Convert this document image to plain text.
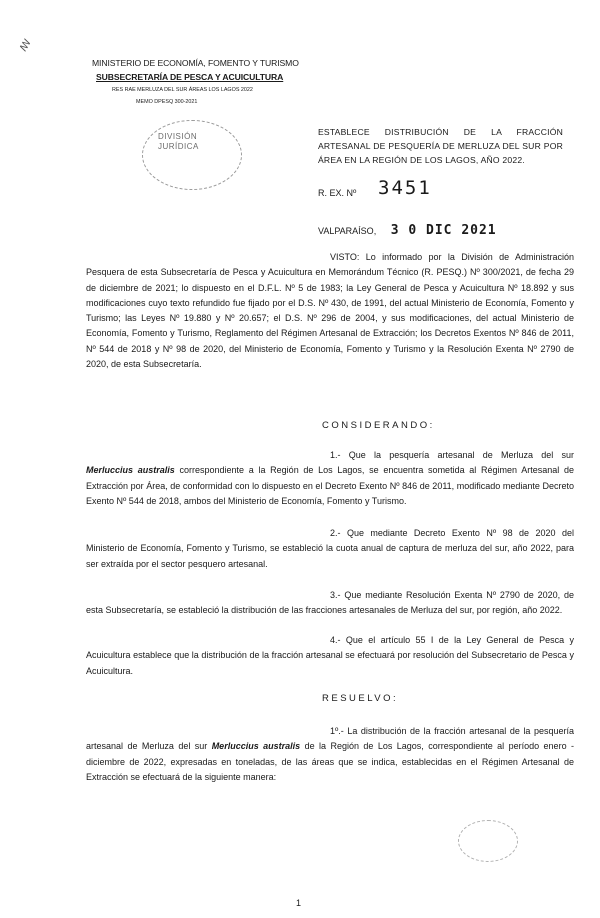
ꟿ
MINISTERIO DE ECONOMÍA, FOMENTO Y TURISMO
SUBSECRETARÍA DE PESCA Y ACUICULTURA
RES RAE MERLUZA DEL SUR ÁREAS LOS LAGOS 2022
MEMO DPESQ 300-2021
DIVISIÓN
JURÍDICA
ESTABLECE DISTRIBUCIÓN DE LA FRACCIÓN ARTESANAL DE PESQUERÍA DE MERLUZA DEL SUR POR ÁREA EN LA REGIÓN DE LOS LAGOS, AÑO 2022.
R. EX. Nº 3451
VALPARAÍSO, 3 0 DIC 2021
VISTO: Lo informado por la División de Administración Pesquera de esta Subsecretaría de Pesca y Acuicultura en Memorándum Técnico (R. PESQ.) Nº 300/2021, de fecha 29 de diciembre de 2021; lo dispuesto en el D.F.L. Nº 5 de 1983; la Ley General de Pesca y Acuicultura Nº 18.892 y sus modificaciones cuyo texto refundido fue fijado por el D.S. Nº 430, de 1991, del actual Ministerio de Economía, Fomento y Turismo; las Leyes Nº 19.880 y Nº 20.657; el D.S. Nº 296 de 2004, y sus modificaciones, del actual Ministerio de Economía, Fomento y Turismo, Reglamento del Régimen Artesanal de Extracción; los Decretos Exentos Nº 846 de 2011, Nº 544 de 2018 y Nº 98 de 2020, del Ministerio de Economía, Fomento y Turismo y la Resolución Exenta Nº 2790 de 2020, de esta Subsecretaría.
CONSIDERANDO:
1.- Que la pesquería artesanal de Merluza del sur Merluccius australis correspondiente a la Región de Los Lagos, se encuentra sometida al Régimen Artesanal de Extracción por Área, de conformidad con lo dispuesto en el Decreto Exento Nº 846 de 2011, modificado mediante Decreto Exento Nº 544 de 2018, ambos del Ministerio de Economía, Fomento y Turismo.
2.- Que mediante Decreto Exento Nº 98 de 2020 del Ministerio de Economía, Fomento y Turismo, se estableció la cuota anual de captura de merluza del sur, año 2022, para ser extraída por el sector pesquero artesanal.
3.- Que mediante Resolución Exenta Nº 2790 de 2020, de esta Subsecretaría, se estableció la distribución de las fracciones artesanales de Merluza del sur, por región, año 2022.
4.- Que el artículo 55 I de la Ley General de Pesca y Acuicultura establece que la distribución de la fracción artesanal se efectuará por resolución del Subsecretario de Pesca y Acuicultura.
RESUELVO:
1º.- La distribución de la fracción artesanal de la pesquería artesanal de Merluza del sur Merluccius australis de la Región de Los Lagos, correspondiente al período enero - diciembre de 2022, expresadas en toneladas, de las áreas que se indica, establecidas en el Régimen Artesanal de Extracción se efectuará de la siguiente manera:
1
